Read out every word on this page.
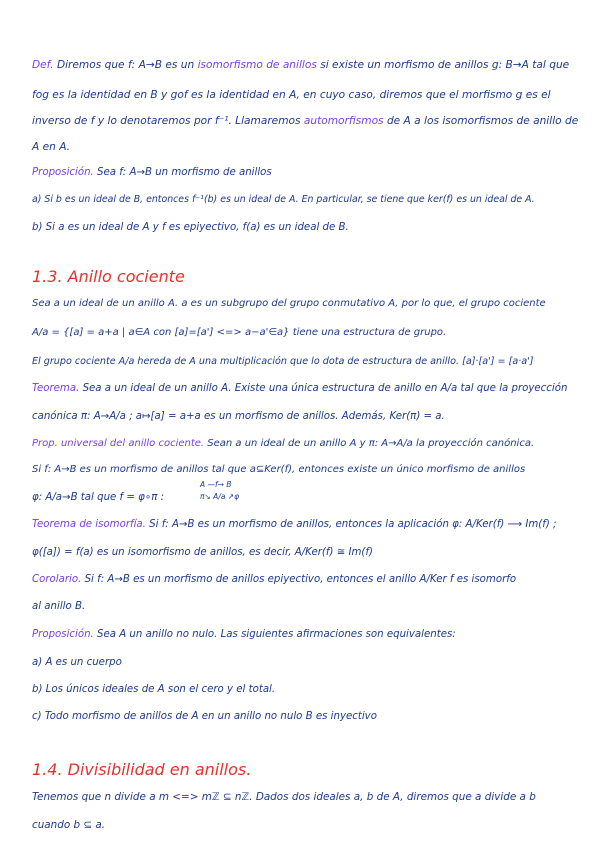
Def. Diremos que f: A→B es un isomorfismo de anillos si existe un morfismo de anillos g: B→A tal que
fog es la identidad en B y gof es la identidad en A, en cuyo caso, diremos que el morfismo g es el
inverso de f y lo denotaremos por f⁻¹. Llamaremos automorfismos de A a los isomorfismos de anillo de
A en A.
Proposición. Sea f: A→B un morfismo de anillos
a) Si b es un ideal de B, entonces f⁻¹(b) es un ideal de A. En particular, se tiene que ker(f) es un ideal de A.
b) Si a es un ideal de A y f es epiyectivo, f(a) es un ideal de B.
1.3. Anillo cociente
Sea a un ideal de un anillo A. a es un subgrupo del grupo conmutativo A, por lo que, el grupo cociente
A/a = {[a] = a+a | a∈A con [a]=[a'] <=> a−a'∈a} tiene una estructura de grupo.
El grupo cociente A/a hereda de A una multiplicación que lo dota de estructura de anillo. [a]·[a'] = [a·a']
Teorema. Sea a un ideal de un anillo A. Existe una única estructura de anillo en A/a tal que la proyección
canónica π: A→A/a ; a↦[a] = a+a es un morfismo de anillos. Además, Ker(π) = a.
Prop. universal del anillo cociente. Sean a un ideal de un anillo A y π: A→A/a la proyección canónica.
Si f: A→B es un morfismo de anillos tal que a⊆Ker(f), entonces existe un único morfismo de anillos
φ: A/a→B tal que f = φ∘π :
A —f→ B
π↘ A/a ↗φ
Teorema de isomorfía. Si f: A→B es un morfismo de anillos, entonces la aplicación φ: A/Ker(f) ⟶ Im(f) ;
φ([a]) = f(a) es un isomorfismo de anillos, es decir, A/Ker(f) ≅ Im(f)
Corolario. Si f: A→B es un morfismo de anillos epiyectivo, entonces el anillo A/Ker f es isomorfo
al anillo B.
Proposición. Sea A un anillo no nulo. Las siguientes afirmaciones son equivalentes:
a) A es un cuerpo
b) Los únicos ideales de A son el cero y el total.
c) Todo morfismo de anillos de A en un anillo no nulo B es inyectivo
1.4. Divisibilidad en anillos.
Tenemos que n divide a m <=> mℤ ⊆ nℤ. Dados dos ideales a, b de A, diremos que a divide a b
cuando b ⊆ a.
